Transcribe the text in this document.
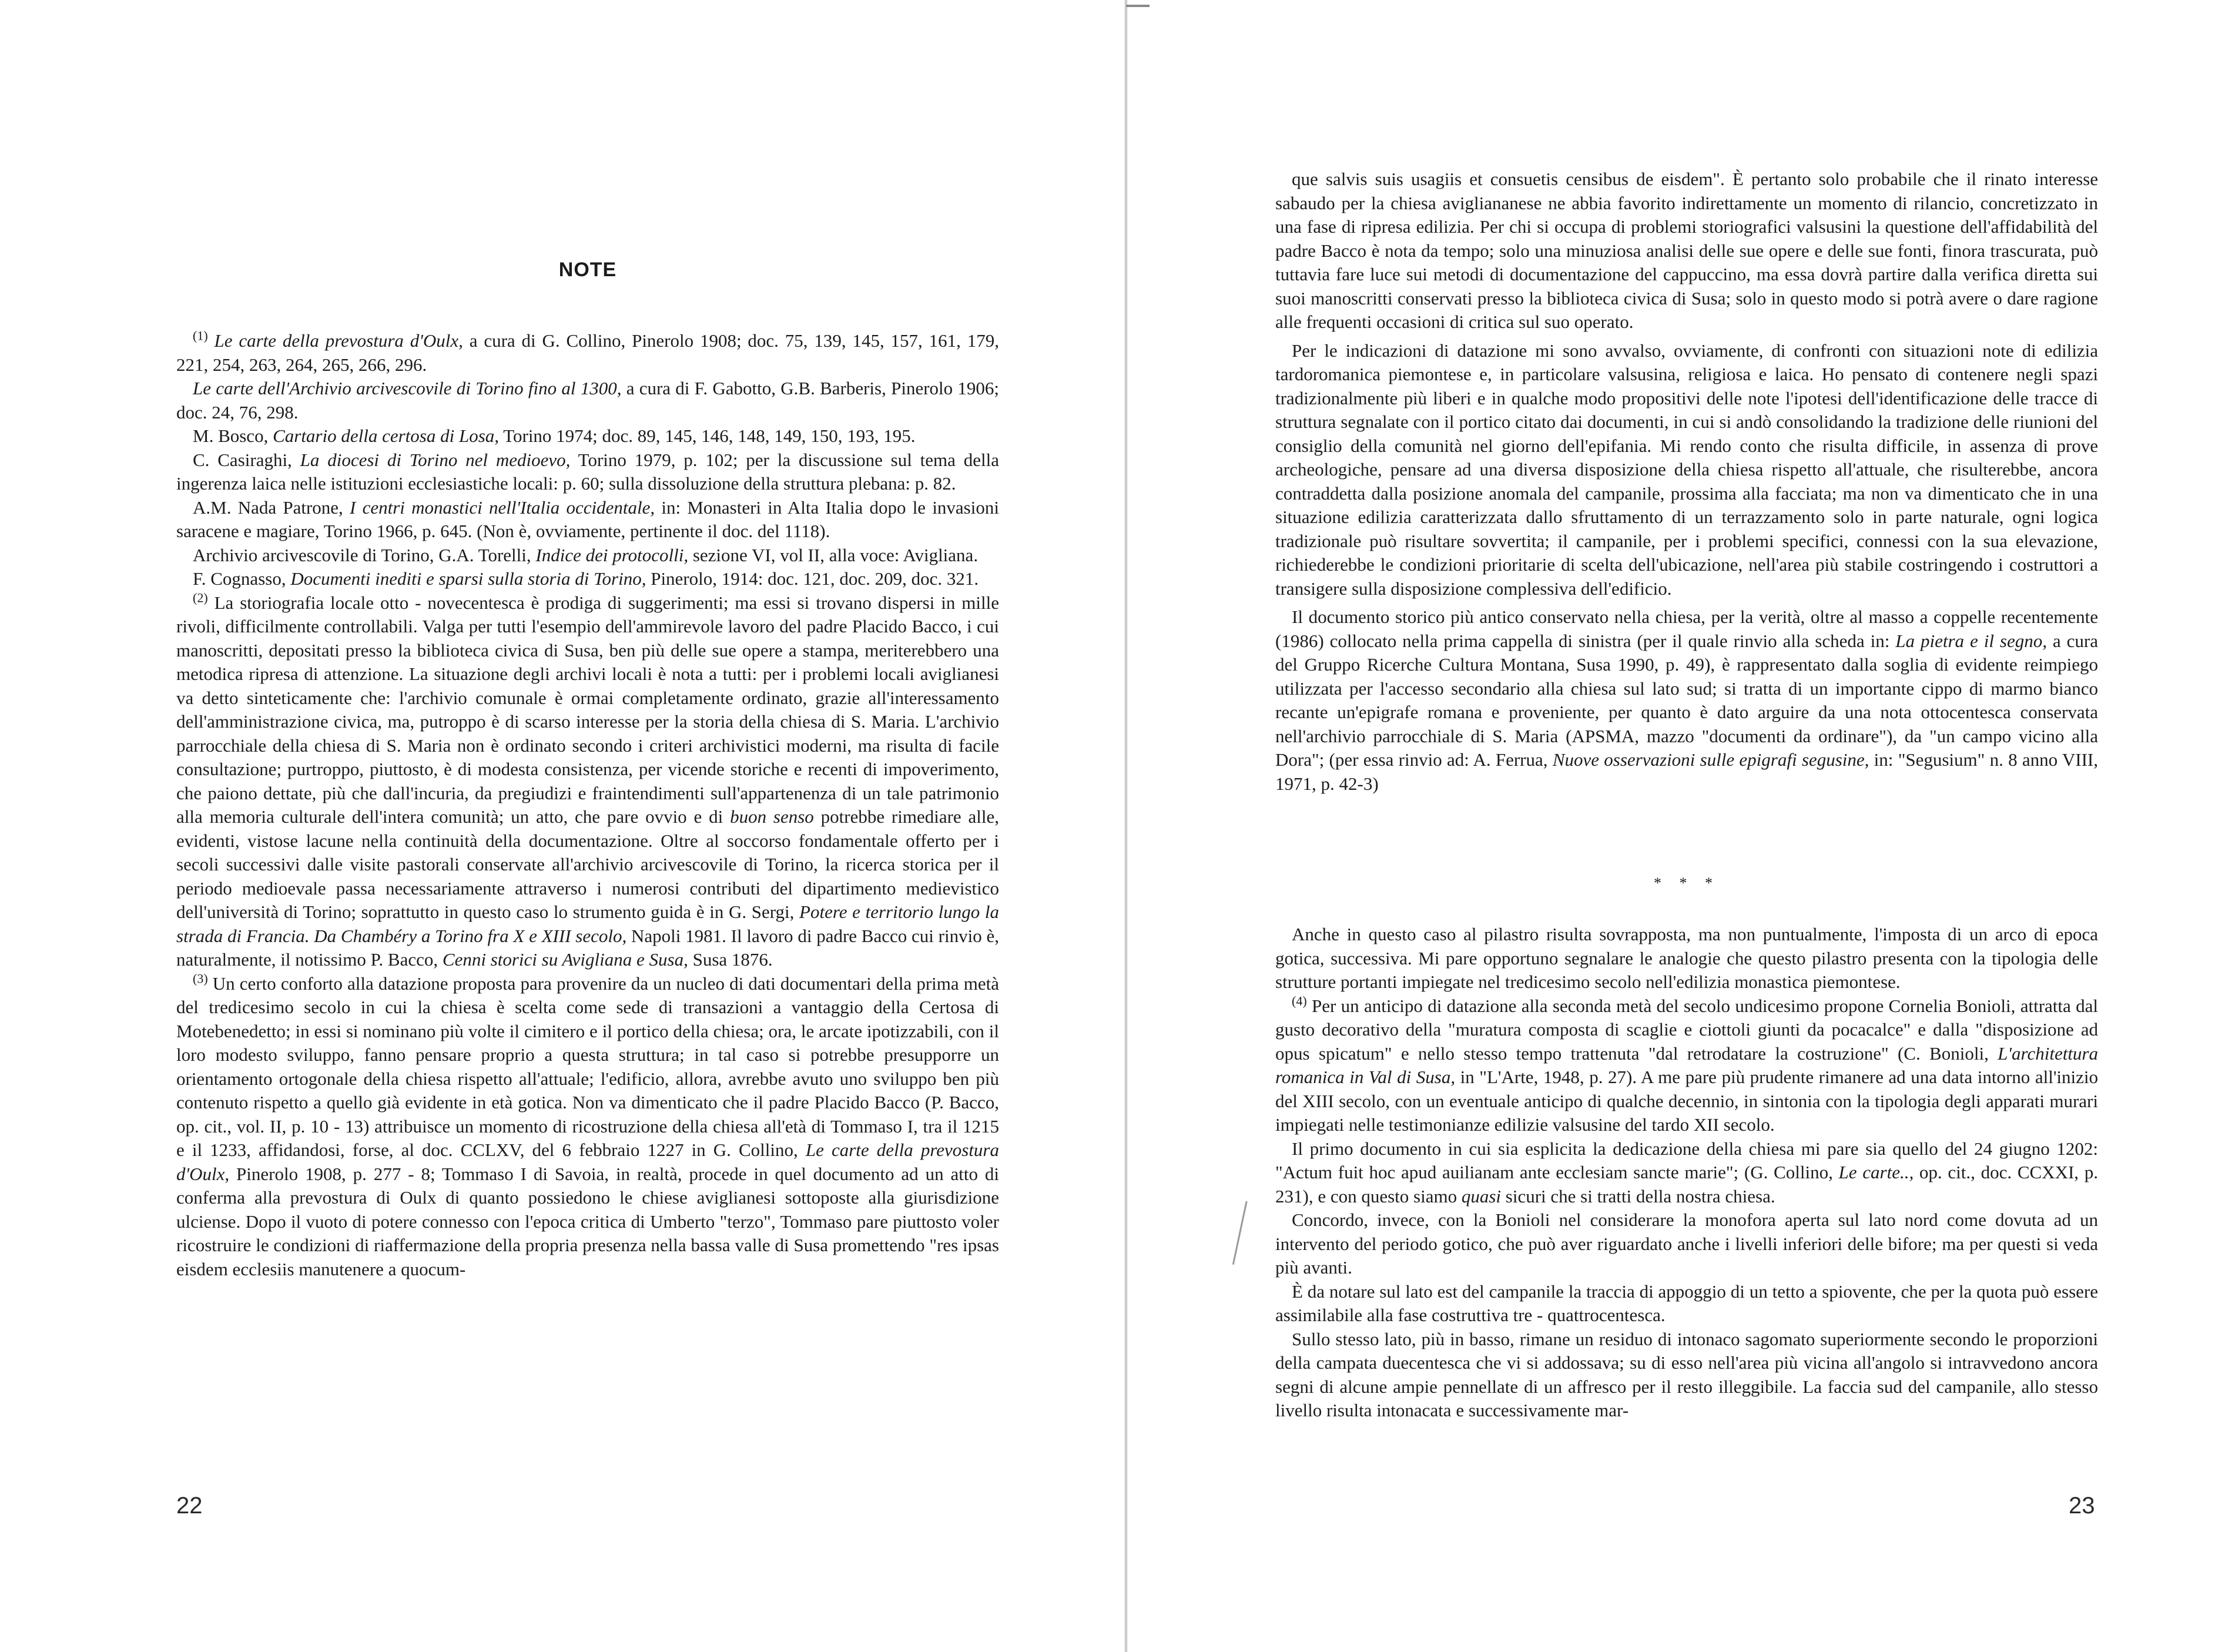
NOTE

$^{(1)}$ Le carte della prevostura d'Oulx, a cura di G. Collino, Pinerolo 1908; doc. 75, 139, 145, 157, 161, 179, 221, 254, 263, 264, 265, 266, 296.

Le carte dell'Archivio arcivescovile di Torino fino al 1300, a cura di F. Gabotto, G.B. Barberis, Pinerolo 1906; doc. 24, 76, 298.

M. Bosco, Cartario della certosa di Losa, Torino 1974; doc. 89, 145, 146, 148, 149, 150, 193, 195.

C. Casiraghi, La diocesi di Torino nel medioevo, Torino 1979, p. 102; per la discussione sul tema della ingerenza laica nelle istituzioni ecclesiastiche locali: p. 60; sulla dissoluzione della struttura plebana: p. 82.

A.M. Nada Patrone, I centri monastici nell'Italia occidentale, in: Monasteri in Alta Italia dopo le invasioni saracene e magiare, Torino 1966, p. 645. (Non è, ovviamente, pertinente il doc. del 1118).

Archivio arcivescovile di Torino, G.A. Torelli, Indice dei protocolli, sezione VI, vol II, alla voce: Avigliana.

F. Cognasso, Documenti inediti e sparsi sulla storia di Torino, Pinerolo, 1914: doc. 121, doc. 209, doc. 321.

$^{(2)}$ La storiografia locale otto - novecentesca è prodiga di suggerimenti; ma essi si trovano dispersi in mille rivoli, difficilmente controllabili. Valga per tutti l'esempio dell'ammirevole lavoro del padre Placido Bacco, i cui manoscritti, depositati presso la biblioteca civica di Susa, ben più delle sue opere a stampa, meriterebbero una metodica ripresa di attenzione. La situazione degli archivi locali è nota a tutti: per i problemi locali aviglianesi va detto sinteticamente che: l'archivio comunale è ormai completamente ordinato, grazie all'interessamento dell'amministrazione civica, ma, putroppo è di scarso interesse per la storia della chiesa di S. Maria. L'archivio parrocchiale della chiesa di S. Maria non è ordinato secondo i criteri archivistici moderni, ma risulta di facile consultazione; purtroppo, piuttosto, è di modesta consistenza, per vicende storiche e recenti di impoverimento, che paiono dettate, più che dall'incuria, da pregiudizi e fraintendimenti sull'appartenenza di un tale patrimonio alla memoria culturale dell'intera comunità; un atto, che pare ovvio e di buon senso potrebbe rimediare alle, evidenti, vistose lacune nella continuità della documentazione. Oltre al soccorso fondamentale offerto per i secoli successivi dalle visite pastorali conservate all'archivio arcivescovile di Torino, la ricerca storica per il periodo medioevale passa necessariamente attraverso i numerosi contributi del dipartimento medievistico dell'università di Torino; soprattutto in questo caso lo strumento guida è in G. Sergi, Potere e territorio lungo la strada di Francia. Da Chambéry a Torino fra X e XIII secolo, Napoli 1981. Il lavoro di padre Bacco cui rinvio è, naturalmente, il notissimo P. Bacco, Cenni storici su Avigliana e Susa, Susa 1876.

$^{(3)}$ Un certo conforto alla datazione proposta para provenire da un nucleo di dati documentari della prima metà del tredicesimo secolo in cui la chiesa è scelta come sede di transazioni a vantaggio della Certosa di Motebenedetto; in essi si nominano più volte il cimitero e il portico della chiesa; ora, le arcate ipotizzabili, con il loro modesto sviluppo, fanno pensare proprio a questa struttura; in tal caso si potrebbe presupporre un orientamento ortogonale della chiesa rispetto all'attuale; l'edificio, allora, avrebbe avuto uno sviluppo ben più contenuto rispetto a quello già evidente in età gotica. Non va dimenticato che il padre Placido Bacco (P. Bacco, op. cit., vol. II, p. 10 - 13) attribuisce un momento di ricostruzione della chiesa all'età di Tommaso I, tra il 1215 e il 1233, affidandosi, forse, al doc. CCLXV, del 6 febbraio 1227 in G. Collino, Le carte della prevostura d'Oulx, Pinerolo 1908, p. 277 - 8; Tommaso I di Savoia, in realtà, procede in quel documento ad un atto di conferma alla prevostura di Oulx di quanto possiedono le chiese aviglianesi sottoposte alla giurisdizione ulciense. Dopo il vuoto di potere connesso con l'epoca critica di Umberto "terzo", Tommaso pare piuttosto voler ricostruire le condizioni di riaffermazione della propria presenza nella bassa valle di Susa promettendo "res ipsas eisdem ecclesiis manutenere a quocum-

22

que salvis suis usagiis et consuetis censibus de eisdem". È pertanto solo probabile che il rinato interesse sabaudo per la chiesa avigliananese ne abbia favorito indirettamente un momento di rilancio, concretizzato in una fase di ripresa edilizia. Per chi si occupa di problemi storiografici valsusini la questione dell'affidabilità del padre Bacco è nota da tempo; solo una minuziosa analisi delle sue opere e delle sue fonti, finora trascurata, può tuttavia fare luce sui metodi di documentazione del cappuccino, ma essa dovrà partire dalla verifica diretta sui suoi manoscritti conservati presso la biblioteca civica di Susa; solo in questo modo si potrà avere o dare ragione alle frequenti occasioni di critica sul suo operato.

Per le indicazioni di datazione mi sono avvalso, ovviamente, di confronti con situazioni note di edilizia tardoromanica piemontese e, in particolare valsusina, religiosa e laica. Ho pensato di contenere negli spazi tradizionalmente più liberi e in qualche modo propositivi delle note l'ipotesi dell'identificazione delle tracce di struttura segnalate con il portico citato dai documenti, in cui si andò consolidando la tradizione delle riunioni del consiglio della comunità nel giorno dell'epifania. Mi rendo conto che risulta difficile, in assenza di prove archeologiche, pensare ad una diversa disposizione della chiesa rispetto all'attuale, che risulterebbe, ancora contraddetta dalla posizione anomala del campanile, prossima alla facciata; ma non va dimenticato che in una situazione edilizia caratterizzata dallo sfruttamento di un terrazzamento solo in parte naturale, ogni logica tradizionale può risultare sovvertita; il campanile, per i problemi specifici, connessi con la sua elevazione, richiederebbe le condizioni prioritarie di scelta dell'ubicazione, nell'area più stabile costringendo i costruttori a transigere sulla disposizione complessiva dell'edificio.

Il documento storico più antico conservato nella chiesa, per la verità, oltre al masso a coppelle recentemente (1986) collocato nella prima cappella di sinistra (per il quale rinvio alla scheda in: La pietra e il segno, a cura del Gruppo Ricerche Cultura Montana, Susa 1990, p. 49), è rappresentato dalla soglia di evidente reimpiego utilizzata per l'accesso secondario alla chiesa sul lato sud; si tratta di un importante cippo di marmo bianco recante un'epigrafe romana e proveniente, per quanto è dato arguire da una nota ottocentesca conservata nell'archivio parrocchiale di S. Maria (APSMA, mazzo "documenti da ordinare"), da "un campo vicino alla Dora"; (per essa rinvio ad: A. Ferrua, Nuove osservazioni sulle epigrafi segusine, in: "Segusium" n. 8 anno VIII, 1971, p. 42-3)

* * *

Anche in questo caso al pilastro risulta sovrapposta, ma non puntualmente, l'imposta di un arco di epoca gotica, successiva. Mi pare opportuno segnalare le analogie che questo pilastro presenta con la tipologia delle strutture portanti impiegate nel tredicesimo secolo nell'edilizia monastica piemontese.

$^{(4)}$ Per un anticipo di datazione alla seconda metà del secolo undicesimo propone Cornelia Bonioli, attratta dal gusto decorativo della "muratura composta di scaglie e ciottoli giunti da pocacalce" e dalla "disposizione ad opus spicatum" e nello stesso tempo trattenuta "dal retrodatare la costruzione" (C. Bonioli, L'architettura romanica in Val di Susa, in "L'Arte, 1948, p. 27). A me pare più prudente rimanere ad una data intorno all'inizio del XIII secolo, con un eventuale anticipo di qualche decennio, in sintonia con la tipologia degli apparati murari impiegati nelle testimonianze edilizie valsusine del tardo XII secolo.

Il primo documento in cui sia esplicita la dedicazione della chiesa mi pare sia quello del 24 giugno 1202: "Actum fuit hoc apud auilianam ante ecclesiam sancte marie"; (G. Collino, Le carte.., op. cit., doc. CCXXI, p. 231), e con questo siamo quasi sicuri che si tratti della nostra chiesa.

Concordo, invece, con la Bonioli nel considerare la monofora aperta sul lato nord come dovuta ad un intervento del periodo gotico, che può aver riguardato anche i livelli inferiori delle bifore; ma per questi si veda più avanti.

È da notare sul lato est del campanile la traccia di appoggio di un tetto a spiovente, che per la quota può essere assimilabile alla fase costruttiva tre - quattrocentesca.

Sullo stesso lato, più in basso, rimane un residuo di intonaco sagomato superiormente secondo le proporzioni della campata duecentesca che vi si addossava; su di esso nell'area più vicina all'angolo si intravvedono ancora segni di alcune ampie pennellate di un affresco per il resto illeggibile. La faccia sud del campanile, allo stesso livello risulta intonacata e successivamente mar-

23
